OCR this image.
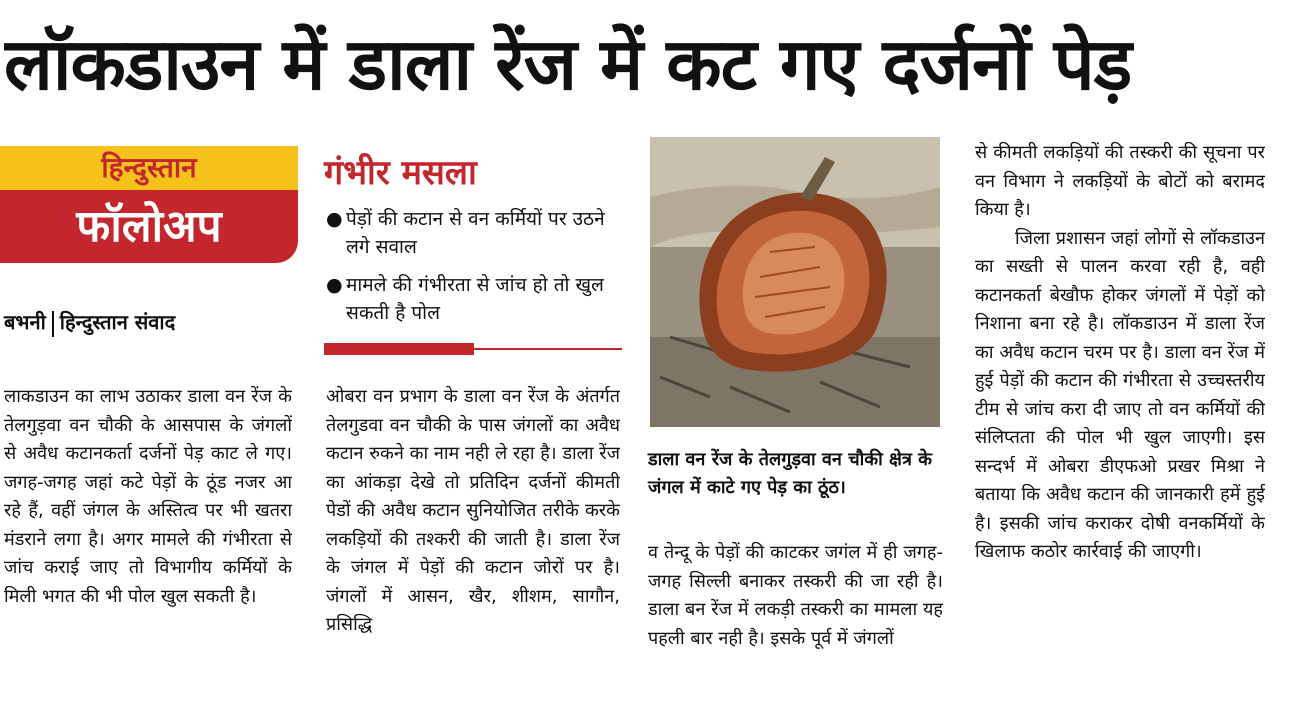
लॉकडाउन में डाला रेंज में कट गए दर्जनों पेड़
हिन्दुस्तान
फॉलोअप
बभनी हिन्दुस्तान संवाद
गंभीर मसला
● पेड़ों की कटान से वन कर्मियों पर उठने लगे सवाल
● मामले की गंभीरता से जांच हो तो खुल सकती है पोल
लाकडाउन का लाभ उठाकर डाला वन रेंज के तेलगुड़वा वन चौकी के आसपास के जंगलों से अवैध कटानकर्ता दर्जनों पेड़ काट ले गए। जगह-जगह जहां कटे पेड़ों के ठूंड नजर आ रहे हैं, वहीं जंगल के अस्तित्व पर भी खतरा मंडराने लगा है। अगर मामले की गंभीरता से जांच कराई जाए तो विभागीय कर्मियों के मिली भगत की भी पोल खुल सकती है।
ओबरा वन प्रभाग के डाला वन रेंज के अंतर्गत तेलगुडवा वन चौकी के पास जंगलों का अवैध कटान रुकने का नाम नही ले रहा है। डाला रेंज का आंकड़ा देखे तो प्रतिदिन दर्जनों कीमती पेडों की अवैध कटान सुनियोजित तरीके करके लकड़ियों की तश्करी की जाती है। डाला रेंज के जंगल में पेड़ों की कटान जोरों पर है। जंगलों में आसन, खैर, शीशम, सागौन, प्रसिद्धि
डाला वन रेंज के तेलगुड़वा वन चौकी क्षेत्र के जंगल में काटे गए पेड़ का ठूंठ।
व तेन्दू के पेड़ों की काटकर जगंल में ही जगह-जगह सिल्ली बनाकर तस्करी की जा रही है। डाला बन रेंज में लकड़ी तस्करी का मामला यह पहली बार नही है। इसके पूर्व में जंगलों

से कीमती लकड़ियों की तस्करी की सूचना पर वन विभाग ने लकड़ियों के बोटों को बरामद किया है।

जिला प्रशासन जहां लोगों से लॉकडाउन का सख्ती से पालन करवा रही है, वही कटानकर्ता बेखौफ होकर जंगलों में पेड़ों को निशाना बना रहे है। लॉकडाउन में डाला रेंज का अवैध कटान चरम पर है। डाला वन रेंज में हुई पेड़ों की कटान की गंभीरता से उच्चस्तरीय टीम से जांच करा दी जाए तो वन कर्मियों की संलिप्तता की पोल भी खुल जाएगी। इस सन्दर्भ में ओबरा डीएफओ प्रखर मिश्रा ने बताया कि अवैध कटान की जानकारी हमें हुई है। इसकी जांच कराकर दोषी वनकर्मियों के खिलाफ कठोर कार्रवाई की जाएगी।
